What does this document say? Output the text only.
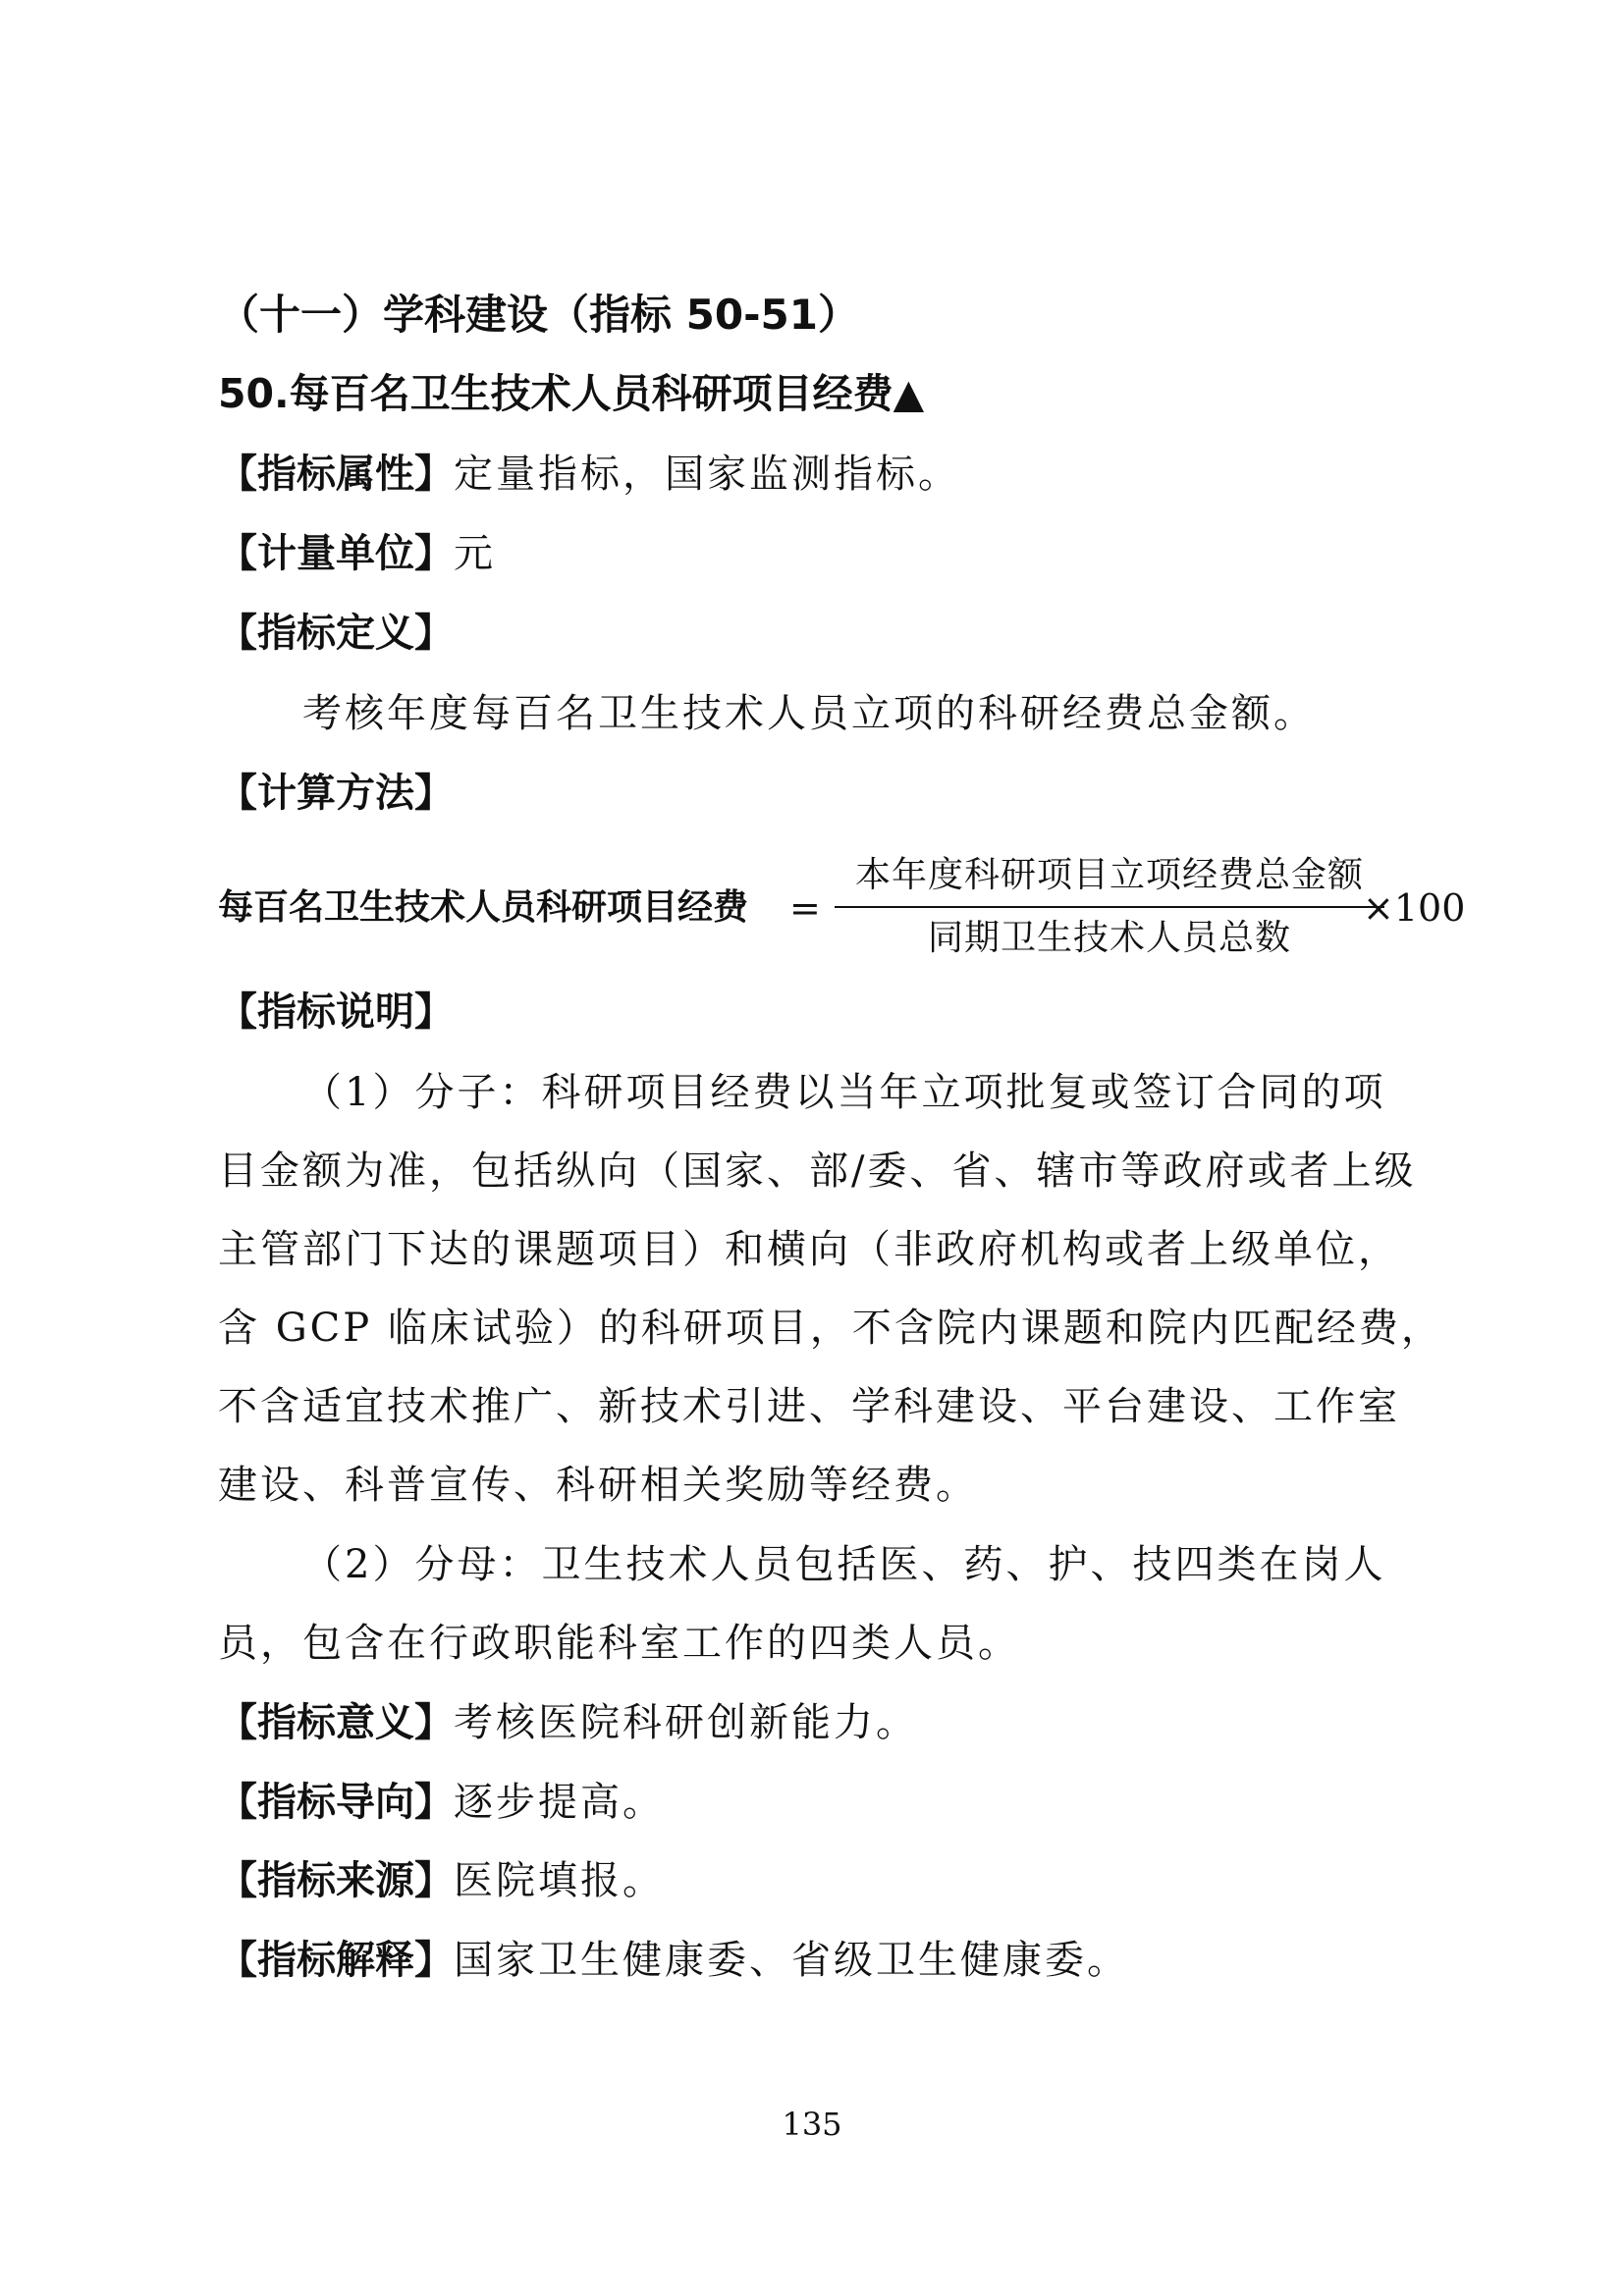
（十一）学科建设（指标 50-51）
50.每百名卫生技术人员科研项目经费▲
【指标属性】定量指标，国家监测指标。
【计量单位】元
【指标定义】
考核年度每百名卫生技术人员立项的科研经费总金额。
【计算方法】
每百名卫生技术人员科研项目经费 =
本年度科研项目立项经费总金额
同期卫生技术人员总数
×100
【指标说明】
（1）分子：科研项目经费以当年立项批复或签订合同的项
目金额为准，包括纵向（国家、部/委、省、辖市等政府或者上级
主管部门下达的课题项目）和横向（非政府机构或者上级单位，
含 GCP 临床试验）的科研项目，不含院内课题和院内匹配经费，
不含适宜技术推广、新技术引进、学科建设、平台建设、工作室
建设、科普宣传、科研相关奖励等经费。
（2）分母：卫生技术人员包括医、药、护、技四类在岗人
员，包含在行政职能科室工作的四类人员。
【指标意义】考核医院科研创新能力。
【指标导向】逐步提高。
【指标来源】医院填报。
【指标解释】国家卫生健康委、省级卫生健康委。
135
